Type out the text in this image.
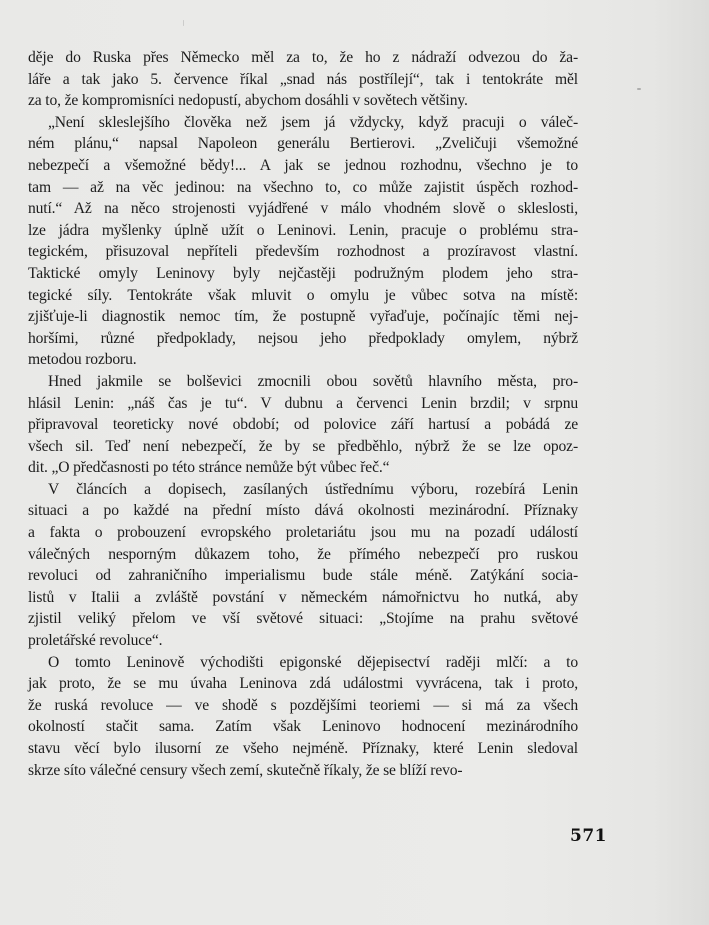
děje do Ruska přes Německo měl za to, že ho z nádraží odvezou do ža-
láře a tak jako 5. července říkal „snad nás postřílejí“, tak i tentokráte měl
za to, že kompromisníci nedopustí, abychom dosáhli v sovětech většiny.
„Není skleslejšího člověka než jsem já vždycky, když pracuji o váleč-
ném plánu,“ napsal Napoleon generálu Bertierovi. „Zveličuji všemožné
nebezpečí a všemožné bědy!... A jak se jednou rozhodnu, všechno je to
tam — až na věc jedinou: na všechno to, co může zajistit úspěch rozhod-
nutí.“ Až na něco strojenosti vyjádřené v málo vhodném slově o skleslosti,
lze jádra myšlenky úplně užít o Leninovi. Lenin, pracuje o problému stra-
tegickém, přisuzoval nepříteli především rozhodnost a prozíravost vlastní.
Taktické omyly Leninovy byly nejčastěji podružným plodem jeho stra-
tegické síly. Tentokráte však mluvit o omylu je vůbec sotva na místě:
zjišťuje-li diagnostik nemoc tím, že postupně vyřaďuje, počínajíc těmi nej-
horšími, různé předpoklady, nejsou jeho předpoklady omylem, nýbrž
metodou rozboru.
Hned jakmile se bolševici zmocnili obou sovětů hlavního města, pro-
hlásil Lenin: „náš čas je tu“. V dubnu a červenci Lenin brzdil; v srpnu
připravoval teoreticky nové období; od polovice září hartusí a pobádá ze
všech sil. Teď není nebezpečí, že by se předběhlo, nýbrž že se lze opoz-
dit. „O předčasnosti po této stránce nemůže být vůbec řeč.“
V článcích a dopisech, zasílaných ústřednímu výboru, rozebírá Lenin
situaci a po každé na přední místo dává okolnosti mezinárodní. Příznaky
a fakta o probouzení evropského proletariátu jsou mu na pozadí událostí
válečných nesporným důkazem toho, že přímého nebezpečí pro ruskou
revoluci od zahraničního imperialismu bude stále méně. Zatýkání socia-
listů v Italii a zvláště povstání v německém námořnictvu ho nutká, aby
zjistil veliký přelom ve vší světové situaci: „Stojíme na prahu světové
proletářské revoluce“.
O tomto Leninově východišti epigonské dějepisectví raději mlčí: a to
jak proto, že se mu úvaha Leninova zdá událostmi vyvrácena, tak i proto,
že ruská revoluce — ve shodě s pozdějšími teoriemi — si má za všech
okolností stačit sama. Zatím však Leninovo hodnocení mezinárodního
stavu věcí bylo ilusorní ze všeho nejméně. Příznaky, které Lenin sledoval
skrze síto válečné censury všech zemí, skutečně říkaly, že se blíží revo-
571
